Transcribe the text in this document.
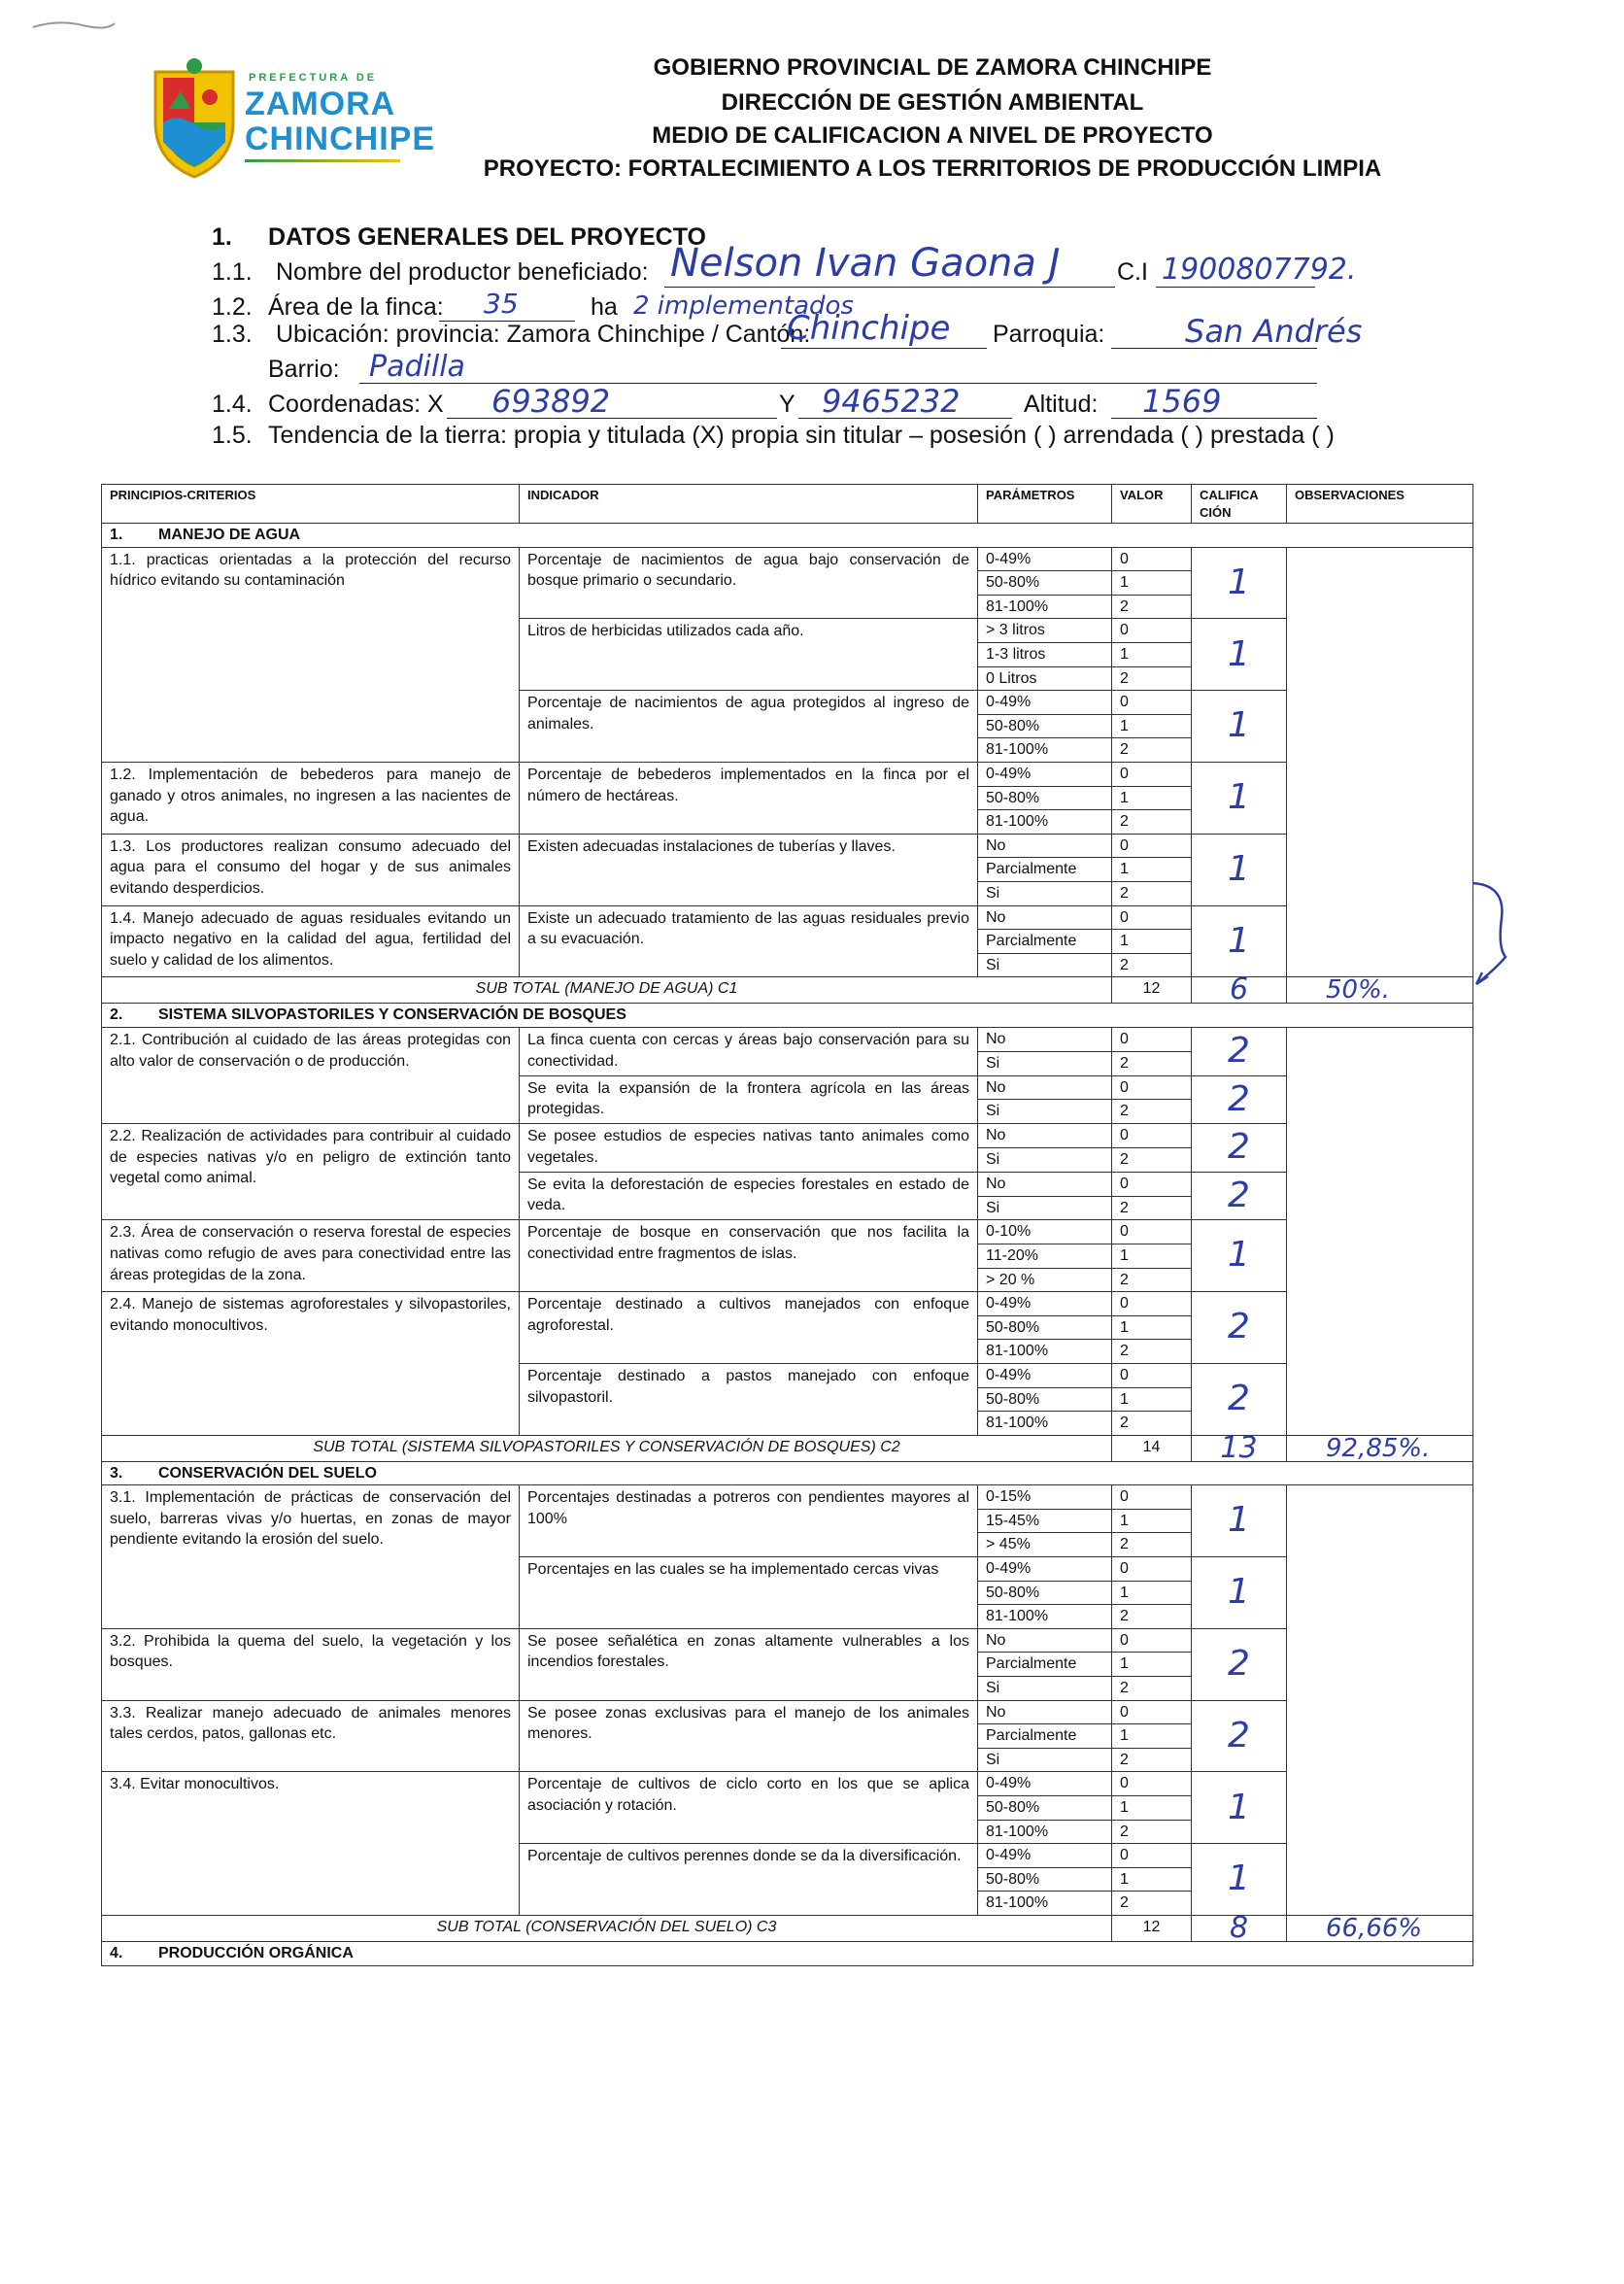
PREFECTURA DE
ZAMORA
CHINCHIPE
GOBIERNO PROVINCIAL DE ZAMORA CHINCHIPE
DIRECCIÓN DE GESTIÓN AMBIENTAL
MEDIO DE CALIFICACION A NIVEL DE PROYECTO
PROYECTO: FORTALECIMIENTO A LOS TERRITORIOS DE PRODUCCIÓN LIMPIA
1. DATOS GENERALES DEL PROYECTO
1.1. Nombre del productor beneficiado: Nelson Ivan Gaona J C.I 1900807792.
1.2. Área de la finca: 35	ha 2 implementados
1.3. Ubicación: provincia: Zamora Chinchipe / Cantón:
Chinchipe Parroquia:	San Andrés
Barrio: Padilla
1.4. Coordenadas: X 693892	Y 9465232	Altitud: 1569
1.5. Tendencia de la tierra: propia y titulada (X) propia sin titular – posesión ( ) arrendada ( ) prestada ( )
PRINCIPIOS-CRITERIOS	INDICADOR	PARÁMETROS	VALOR	CALIFICA CIÓN	OBSERVACIONES
1. MANEJO DE AGUA					
1.1. practicas orientadas a la protección del recurso hídrico evitando su contaminación	Porcentaje de nacimientos de agua bajo conservación de bosque primario o secundario.	0-49%	0	1	
		50-80%	1		
		81-100%	2		
	Litros de herbicidas utilizados cada año.	> 3 litros	0	1	
		1-3 litros	1		
		0 Litros	2		
	Porcentaje de nacimientos de agua protegidos al ingreso de animales.	0-49%	0	1	
		50-80%	1		
		81-100%	2		
1.2. Implementación de bebederos para manejo de ganado y otros animales, no ingresen a las nacientes de agua.	Porcentaje de bebederos implementados en la finca por el número de hectáreas.	0-49%	0	1	
		50-80%	1		
		81-100%	2		
1.3. Los productores realizan consumo adecuado del agua para el consumo del hogar y de sus animales evitando desperdicios.	Existen adecuadas instalaciones de tuberías y llaves.	No	0	1	
		Parcialmente	1		
		Si	2		
1.4. Manejo adecuado de aguas residuales evitando un impacto negativo en la calidad del agua, fertilidad del suelo y calidad de los alimentos.	Existe un adecuado tratamiento de las aguas residuales previo a su evacuación.	No	0	1	
		Parcialmente	1		
		Si	2		
SUB TOTAL (MANEJO DE AGUA) C1			12	6	50%.
2. SISTEMA SILVOPASTORILES Y CONSERVACIÓN DE BOSQUES					
2.1. Contribución al cuidado de las áreas protegidas con alto valor de conservación o de producción.	La finca cuenta con cercas y áreas bajo conservación para su conectividad.	No	0	2	
		Si	2		
	Se evita la expansión de la frontera agrícola en las áreas protegidas.	No	0	2	
		Si	2		
2.2. Realización de actividades para contribuir al cuidado de especies nativas y/o en peligro de extinción tanto vegetal como animal.	Se posee estudios de especies nativas tanto animales como vegetales.	No	0	2	
		Si	2		
	Se evita la deforestación de especies forestales en estado de veda.	No	0	2	
		Si	2		
2.3. Área de conservación o reserva forestal de especies nativas como refugio de aves para conectividad entre las áreas protegidas de la zona.	Porcentaje de bosque en conservación que nos facilita la conectividad entre fragmentos de islas.	0-10%	0	1	
		11-20%	1		
		> 20 %	2		
2.4. Manejo de sistemas agroforestales y silvopastoriles, evitando monocultivos.	Porcentaje destinado a cultivos manejados con enfoque agroforestal.	0-49%	0	2	
		50-80%	1		
		81-100%	2		
	Porcentaje destinado a pastos manejado con enfoque silvopastoril.	0-49%	0	2	
		50-80%	1		
		81-100%	2		
SUB TOTAL (SISTEMA SILVOPASTORILES Y CONSERVACIÓN DE BOSQUES) C2			14	13	92,85%.
3. CONSERVACIÓN DEL SUELO					
3.1. Implementación de prácticas de conservación del suelo, barreras vivas y/o huertas, en zonas de mayor pendiente evitando la erosión del suelo.	Porcentajes destinadas a potreros con pendientes mayores al 100%	0-15%	0	1	
		15-45%	1		
		> 45%	2		
	Porcentajes en las cuales se ha implementado cercas vivas	0-49%	0	1	
		50-80%	1		
		81-100%	2		
3.2. Prohibida la quema del suelo, la vegetación y los bosques.	Se posee señalética en zonas altamente vulnerables a los incendios forestales.	No	0	2	
		Parcialmente	1		
		Si	2		
3.3. Realizar manejo adecuado de animales menores tales cerdos, patos, gallonas etc.	Se posee zonas exclusivas para el manejo de los animales menores.	No	0	2	
		Parcialmente	1		
		Si	2		
3.4. Evitar monocultivos.	Porcentaje de cultivos de ciclo corto en los que se aplica asociación y rotación.	0-49%	0	1	
		50-80%	1		
		81-100%	2		
	Porcentaje de cultivos perennes donde se da la diversificación.	0-49%	0	1	
		50-80%	1		
		81-100%	2		
SUB TOTAL (CONSERVACIÓN DEL SUELO) C3			12	8	66,66%
4. PRODUCCIÓN ORGÁNICA					
